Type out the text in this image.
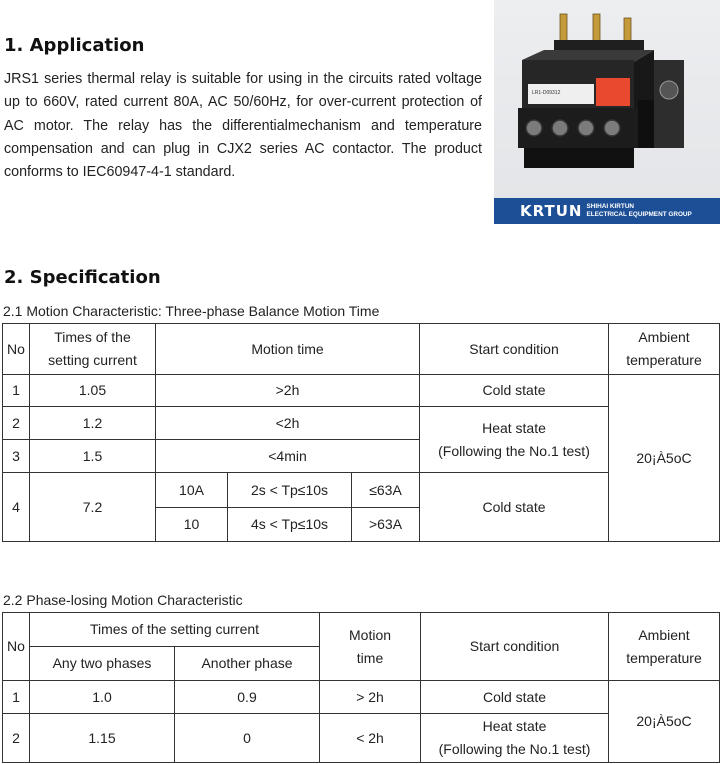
1. Application
JRS1 series thermal relay is suitable for using in the circuits rated voltage up to 660V, rated current 80A, AC 50/60Hz, for over-current protection of AC motor. The relay has the differentialmechanism and temperature compensation and can plug in CJX2 series AC contactor. The product conforms to IEC60947-4-1 standard.
LR1-D09312
KRTUN SHIHAI KIRTUN
ELECTRICAL EQUIPMENT GROUP
2. Specification
2.1 Motion Characteristic: Three-phase Balance Motion Time
No	Times of the setting current	Motion time			Start condition	Ambient temperature
1	1.05	>2h			Cold state	20¡À5oC
2	1.2	<2h			Heat state
(Following the No.1 test)	
3	1.5	<4min				
4	7.2	10A	2s < Tp≤10s	≤63A	Cold state	
		10	4s < Tp≤10s	>63A		
2.2 Phase-losing Motion Characteristic
No	Times of the setting current		Motion time	Start condition	Ambient temperature
	Any two phases	Another phase			
1	1.0	0.9	> 2h	Cold state	20¡À5oC
2	1.15	0	< 2h	Heat state
(Following the No.1 test)	
